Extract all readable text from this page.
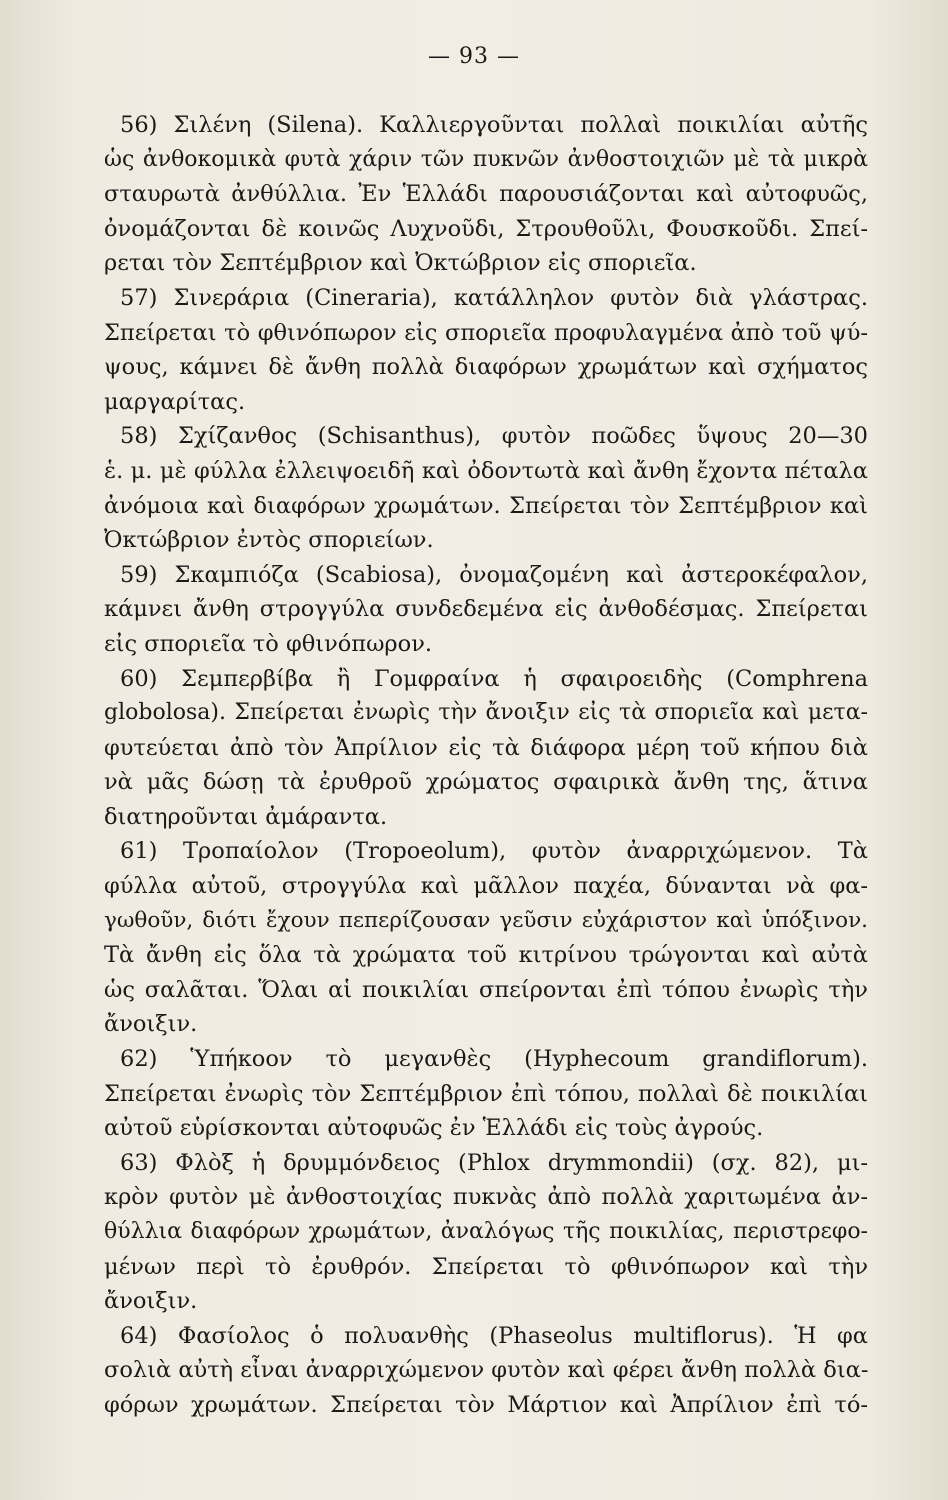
— 93 —
56) Σιλένη (Silena). Καλλιεργοῦνται πολλαὶ ποικιλίαι αὐτῆς
ὡς ἀνθοκομικὰ φυτὰ χάριν τῶν πυκνῶν ἀνθοστοιχιῶν μὲ τὰ μικρὰ
σταυρωτὰ ἀνθύλλια. Ἐν Ἑλλάδι παρουσιάζονται καὶ αὐτοφυῶς,
ὀνομάζονται δὲ κοινῶς Λυχνοῦδι, Στρουθοῦλι, Φουσκοῦδι. Σπεί-
ρεται τὸν Σεπτέμβριον καὶ Ὀκτώβριον εἰς σποριεῖα.
57) Σινεράρια (Cineraria), κατάλληλον φυτὸν διὰ γλάστρας.
Σπείρεται τὸ φθινόπωρον εἰς σποριεῖα προφυλαγμένα ἀπὸ τοῦ ψύ-
ψους, κάμνει δὲ ἄνθη πολλὰ διαφόρων χρωμάτων καὶ σχήματος
μαργαρίτας.
58) Σχίζανθος (Schisanthus), φυτὸν ποῶδες ὕψους 20—30
ἑ. μ. μὲ φύλλα ἐλλειψοειδῆ καὶ ὀδοντωτὰ καὶ ἄνθη ἔχοντα πέταλα
ἀνόμοια καὶ διαφόρων χρωμάτων. Σπείρεται τὸν Σεπτέμβριον καὶ
Ὀκτώβριον ἐντὸς σποριείων.
59) Σκαμπιόζα (Scabiosa), ὀνομαζομένη καὶ ἀστεροκέφαλον,
κάμνει ἄνθη στρογγύλα συνδεδεμένα εἰς ἀνθοδέσμας. Σπείρεται
εἰς σποριεῖα τὸ φθινόπωρον.
60) Σεμπερβίβα ἢ Γομφραίνα ἡ σφαιροειδὴς (Comphrena
globolosa). Σπείρεται ἐνωρὶς τὴν ἄνοιξιν εἰς τὰ σποριεῖα καὶ μετα-
φυτεύεται ἀπὸ τὸν Ἀπρίλιον εἰς τὰ διάφορα μέρη τοῦ κήπου διὰ
νὰ μᾶς δώσῃ τὰ ἐρυθροῦ χρώματος σφαιρικὰ ἄνθη της, ἅτινα
διατηροῦνται ἀμάραντα.
61) Τροπαίολον (Tropoeolum), φυτὸν ἀναρριχώμενον. Τὰ
φύλλα αὐτοῦ, στρογγύλα καὶ μᾶλλον παχέα, δύνανται νὰ φα-
γωθοῦν, διότι ἔχουν πεπερίζουσαν γεῦσιν εὐχάριστον καὶ ὑπόξινον.
Τὰ ἄνθη εἰς ὅλα τὰ χρώματα τοῦ κιτρίνου τρώγονται καὶ αὐτὰ
ὡς σαλᾶται. Ὅλαι αἱ ποικιλίαι σπείρονται ἐπὶ τόπου ἐνωρὶς τὴν
ἄνοιξιν.
62) Ὑπήκοον τὸ μεγανθὲς (Hyphecoum grandiflorum).
Σπείρεται ἐνωρὶς τὸν Σεπτέμβριον ἐπὶ τόπου, πολλαὶ δὲ ποικιλίαι
αὐτοῦ εὑρίσκονται αὐτοφυῶς ἐν Ἑλλάδι εἰς τοὺς ἀγρούς.
63) Φλὸξ ἡ δρυμμόνδειος (Phlox drymmondii) (σχ. 82), μι-
κρὸν φυτὸν μὲ ἀνθοστοιχίας πυκνὰς ἀπὸ πολλὰ χαριτωμένα ἀν-
θύλλια διαφόρων χρωμάτων, ἀναλόγως τῆς ποικιλίας, περιστρεφο-
μένων περὶ τὸ ἐρυθρόν. Σπείρεται τὸ φθινόπωρον καὶ τὴν
ἄνοιξιν.
64) Φασίολος ὁ πολυανθὴς (Phaseolus multiflorus). Ἡ φα
σολιὰ αὐτὴ εἶναι ἀναρριχώμενον φυτὸν καὶ φέρει ἄνθη πολλὰ δια-
φόρων χρωμάτων. Σπείρεται τὸν Μάρτιον καὶ Ἀπρίλιον ἐπὶ τό-
